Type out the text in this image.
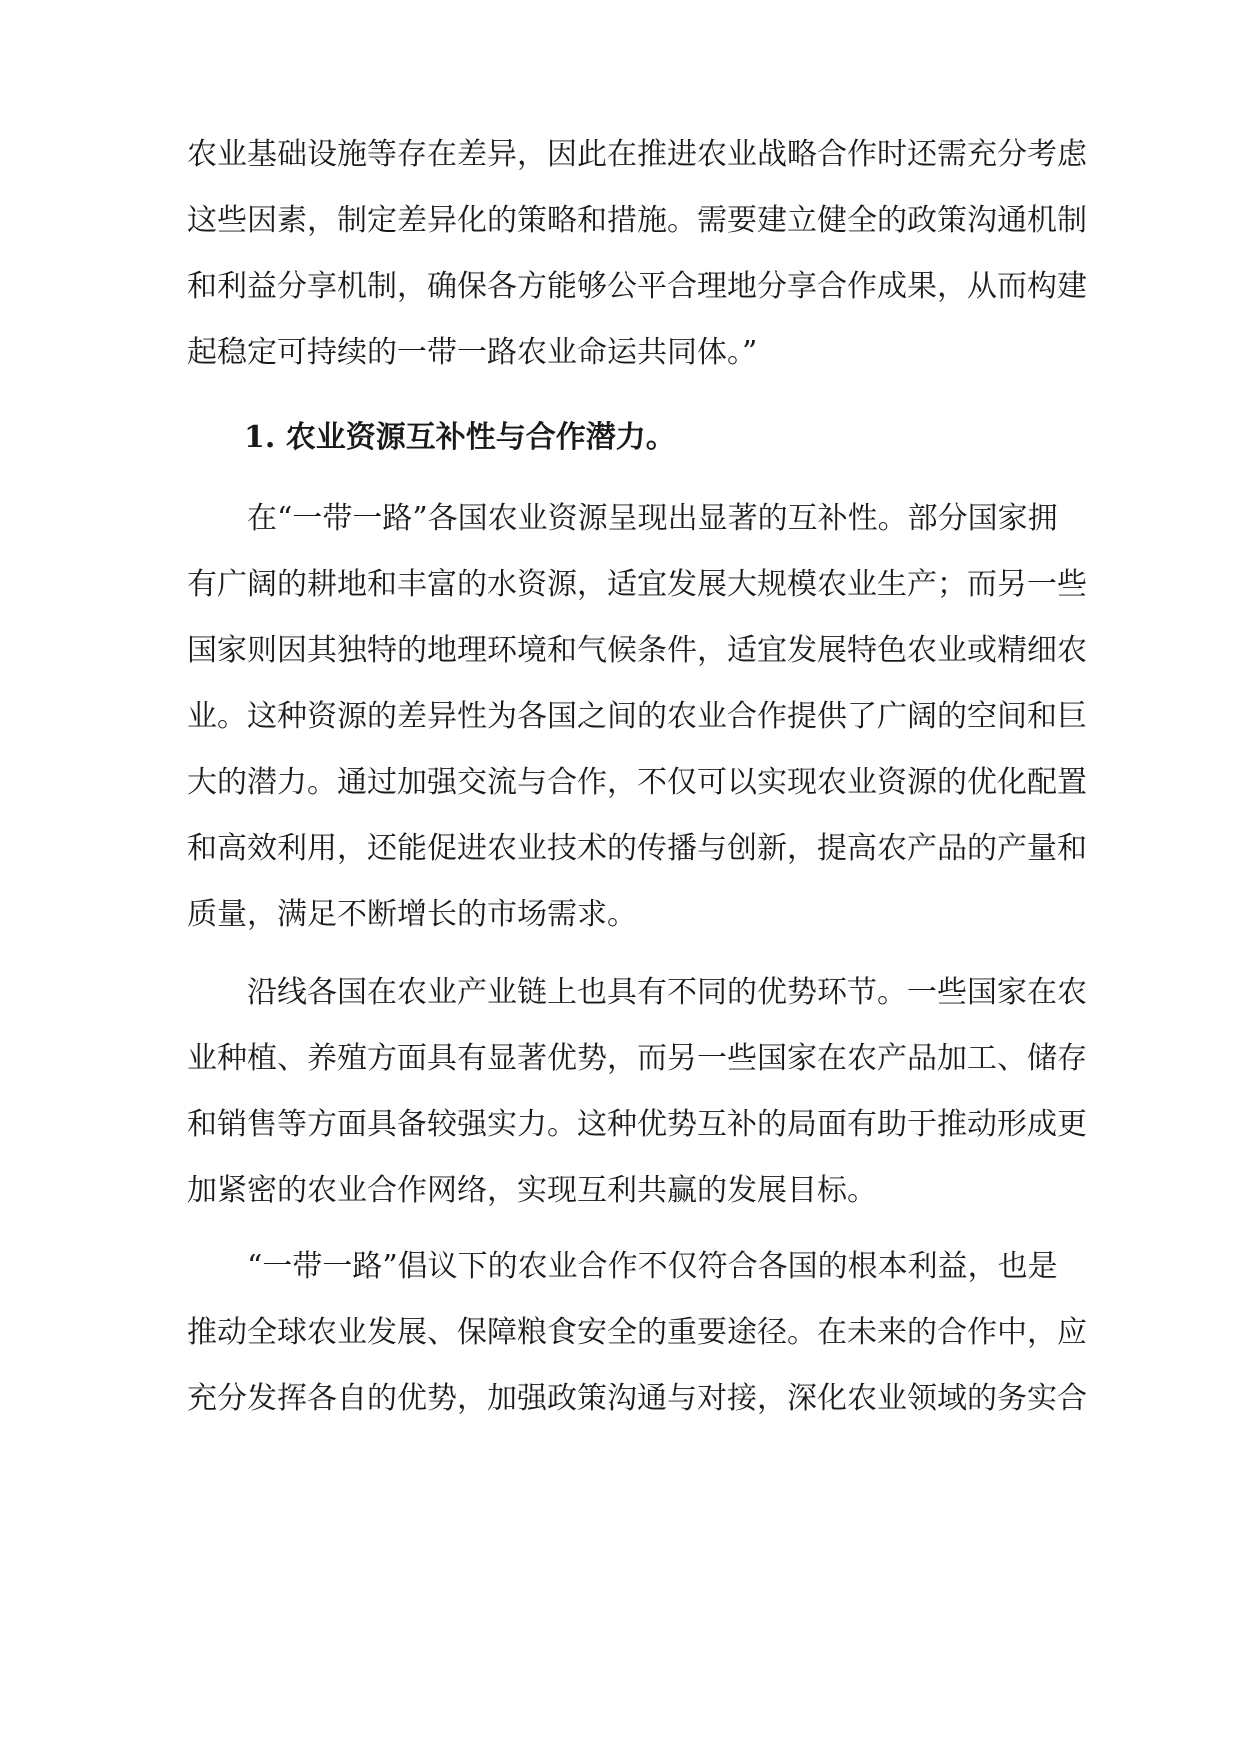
农业基础设施等存在差异，因此在推进农业战略合作时还需充分考虑
这些因素，制定差异化的策略和措施。需要建立健全的政策沟通机制
和利益分享机制，确保各方能够公平合理地分享合作成果，从而构建
起稳定可持续的一带一路农业命运共同体。”
1. 农业资源互补性与合作潜力。
在“一带一路”各国农业资源呈现出显著的互补性。部分国家拥
有广阔的耕地和丰富的水资源，适宜发展大规模农业生产；而另一些
国家则因其独特的地理环境和气候条件，适宜发展特色农业或精细农
业。这种资源的差异性为各国之间的农业合作提供了广阔的空间和巨
大的潜力。通过加强交流与合作，不仅可以实现农业资源的优化配置
和高效利用，还能促进农业技术的传播与创新，提高农产品的产量和
质量，满足不断增长的市场需求。
沿线各国在农业产业链上也具有不同的优势环节。一些国家在农
业种植、养殖方面具有显著优势，而另一些国家在农产品加工、储存
和销售等方面具备较强实力。这种优势互补的局面有助于推动形成更
加紧密的农业合作网络，实现互利共赢的发展目标。
“一带一路”倡议下的农业合作不仅符合各国的根本利益，也是
推动全球农业发展、保障粮食安全的重要途径。在未来的合作中，应
充分发挥各自的优势，加强政策沟通与对接，深化农业领域的务实合
